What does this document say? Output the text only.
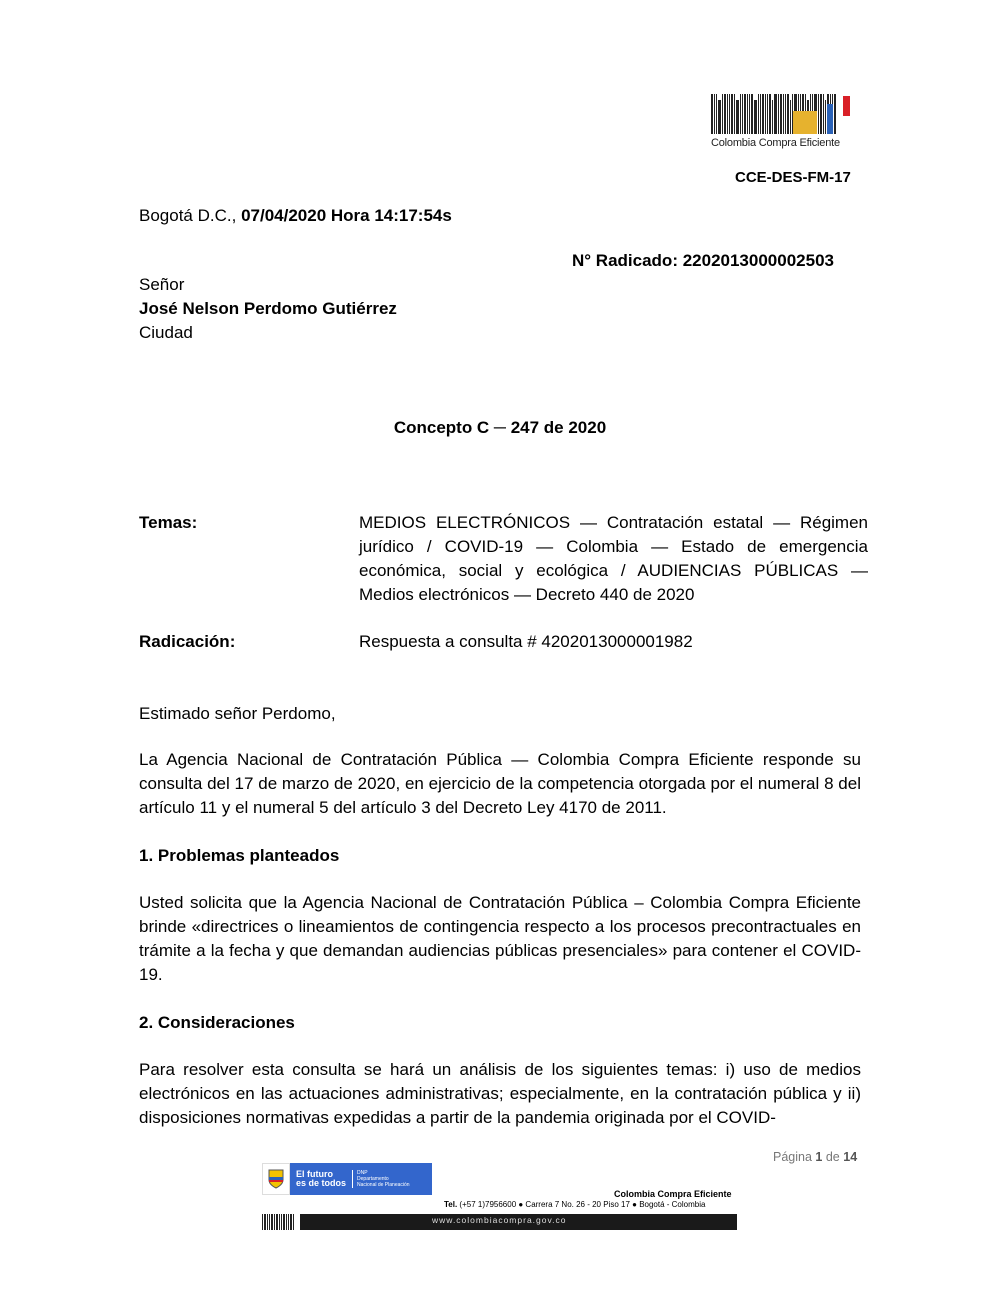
Colombia Compra Eficiente
CCE-DES-FM-17
Bogotá D.C., 07/04/2020 Hora 14:17:54s
N° Radicado: 2202013000002503
Señor
José Nelson Perdomo Gutiérrez
Ciudad
Concepto C ─ 247 de 2020
Temas:	MEDIOS ELECTRÓNICOS — Contratación estatal — Régimen jurídico / COVID-19 — Colombia — Estado de emergencia económica, social y ecológica / AUDIENCIAS PÚBLICAS — Medios electrónicos — Decreto 440 de 2020
Radicación:	Respuesta a consulta # 4202013000001982
Estimado señor Perdomo,
La Agencia Nacional de Contratación Pública — Colombia Compra Eficiente responde su consulta del 17 de marzo de 2020, en ejercicio de la competencia otorgada por el numeral 8 del artículo 11 y el numeral 5 del artículo 3 del Decreto Ley 4170 de 2011.
1. Problemas planteados
Usted solicita que la Agencia Nacional de Contratación Pública – Colombia Compra Eficiente brinde «directrices o lineamientos de contingencia respecto a los procesos precontractuales en trámite a la fecha y que demandan audiencias públicas presenciales» para contener el COVID-19.
2. Consideraciones
Para resolver esta consulta se hará un análisis de los siguientes temas: i) uso de medios electrónicos en las actuaciones administrativas; especialmente, en la contratación pública y ii) disposiciones normativas expedidas a partir de la pandemia originada por el COVID-
Página 1 de 14
El futuro
es de todos
DNP
Departamento
Nacional de Planeación
Colombia Compra Eficiente
Tel. (+57 1)7956600 ● Carrera 7 No. 26 - 20 Piso 17 ● Bogotá - Colombia
www.colombiacompra.gov.co
